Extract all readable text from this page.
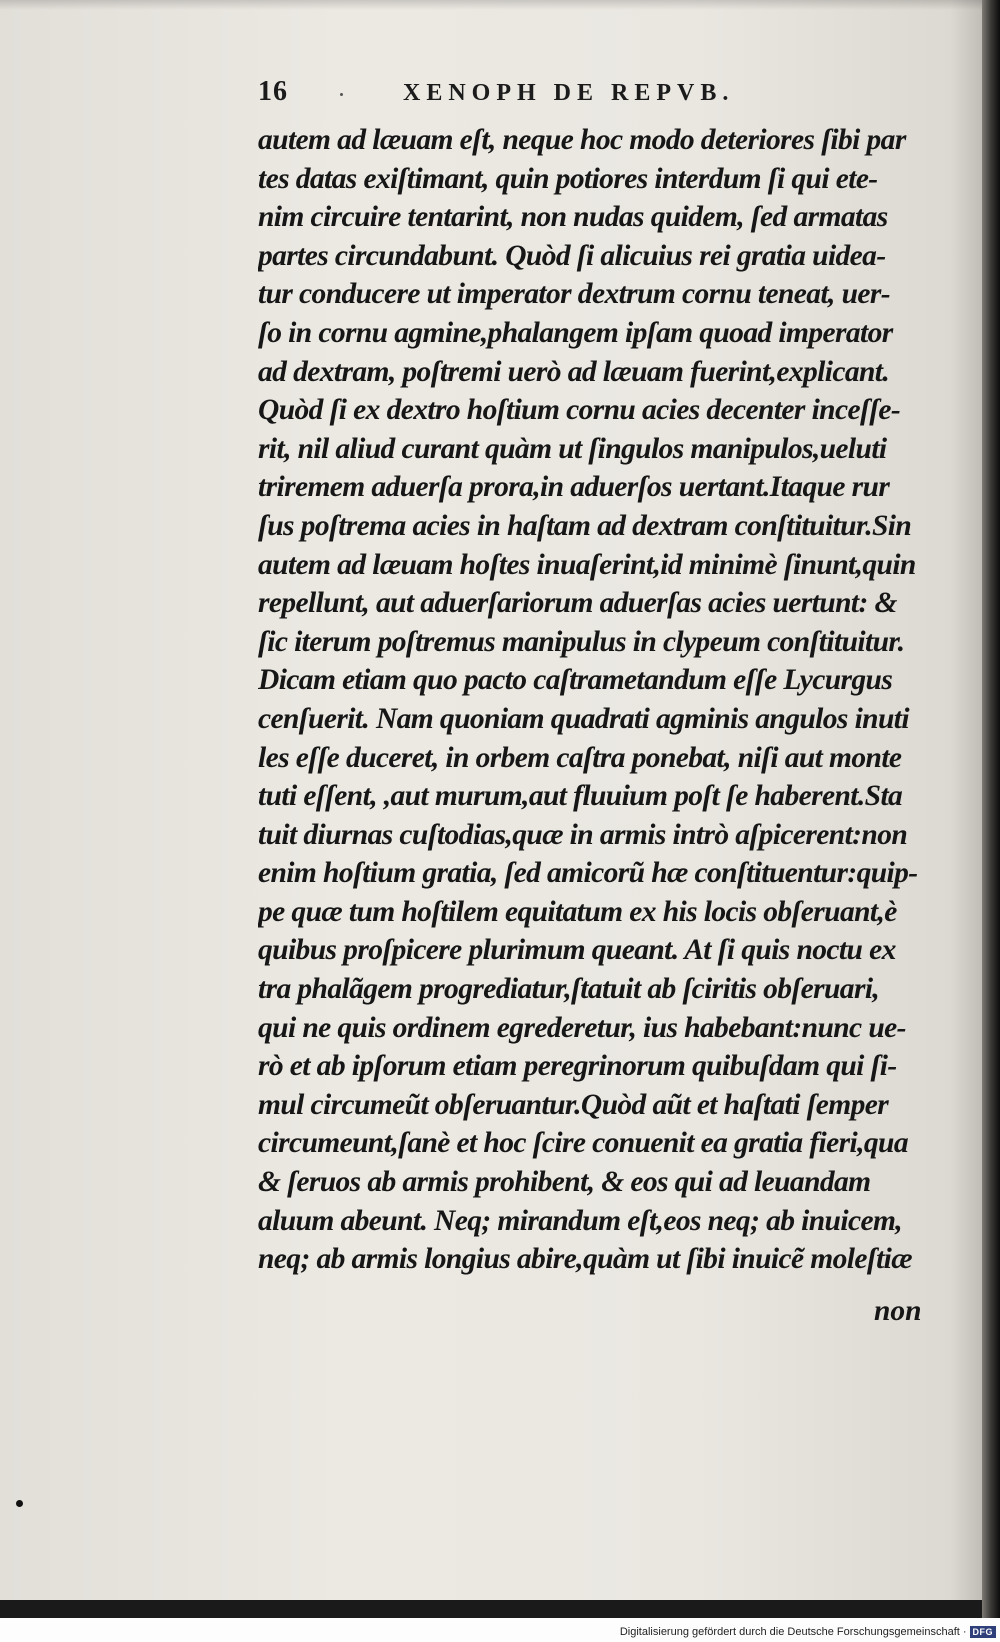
16	XENOPH DE REPVB.
autem ad læuam eſt, neque hoc modo deteriores ſibi par
tes datas exiſtimant, quin potiores interdum ſi qui ete-
nim circuire tentarint, non nudas quidem, ſed armatas
partes circundabunt. Quòd ſi alicuius rei gratia uidea-
tur conducere ut imperator dextrum cornu teneat, uer-
ſo in cornu agmine,phalangem ipſam quoad imperator
ad dextram, poſtremi uerò ad læuam fuerint,explicant.
Quòd ſi ex dextro hoſtium cornu acies decenter inceſſe-
rit, nil aliud curant quàm ut ſingulos manipulos,ueluti
triremem aduerſa prora,in aduerſos uertant.Itaque rur
ſus poſtrema acies in haſtam ad dextram conſtituitur.Sin
autem ad læuam hoſtes inuaſerint,id minimè ſinunt,quin
repellunt, aut aduerſariorum aduerſas acies uertunt: &
ſic iterum poſtremus manipulus in clypeum conſtituitur.
Dicam etiam quo pacto caſtrametandum eſſe Lycurgus
cenſuerit. Nam quoniam quadrati agminis angulos inuti
les eſſe duceret, in orbem caſtra ponebat, niſi aut monte
tuti eſſent, ,aut murum,aut fluuium poſt ſe haberent.Sta
tuit diurnas cuſtodias,quæ in armis intrò aſpicerent:non
enim hoſtium gratia, ſed amicorũ hæ conſtituentur:quip-
pe quæ tum hoſtilem equitatum ex his locis obſeruant,è
quibus proſpicere plurimum queant. At ſi quis noctu ex
tra phalãgem progrediatur,ſtatuit ab ſciritis obſeruari,
qui ne quis ordinem egrederetur, ius habebant:nunc ue-
rò et ab ipſorum etiam peregrinorum quibuſdam qui ſi-
mul circumeũt obſeruantur.Quòd aũt et haſtati ſemper
circumeunt,ſanè et hoc ſcire conuenit ea gratia fieri,qua
& ſeruos ab armis prohibent, & eos qui ad leuandam
aluum abeunt. Neq; mirandum eſt,eos neq; ab inuicem,
neq; ab armis longius abire,quàm ut ſibi inuicẽ moleſtiæ
non
Digitalisierung gefördert durch die Deutsche Forschungsgemeinschaft · DFG
